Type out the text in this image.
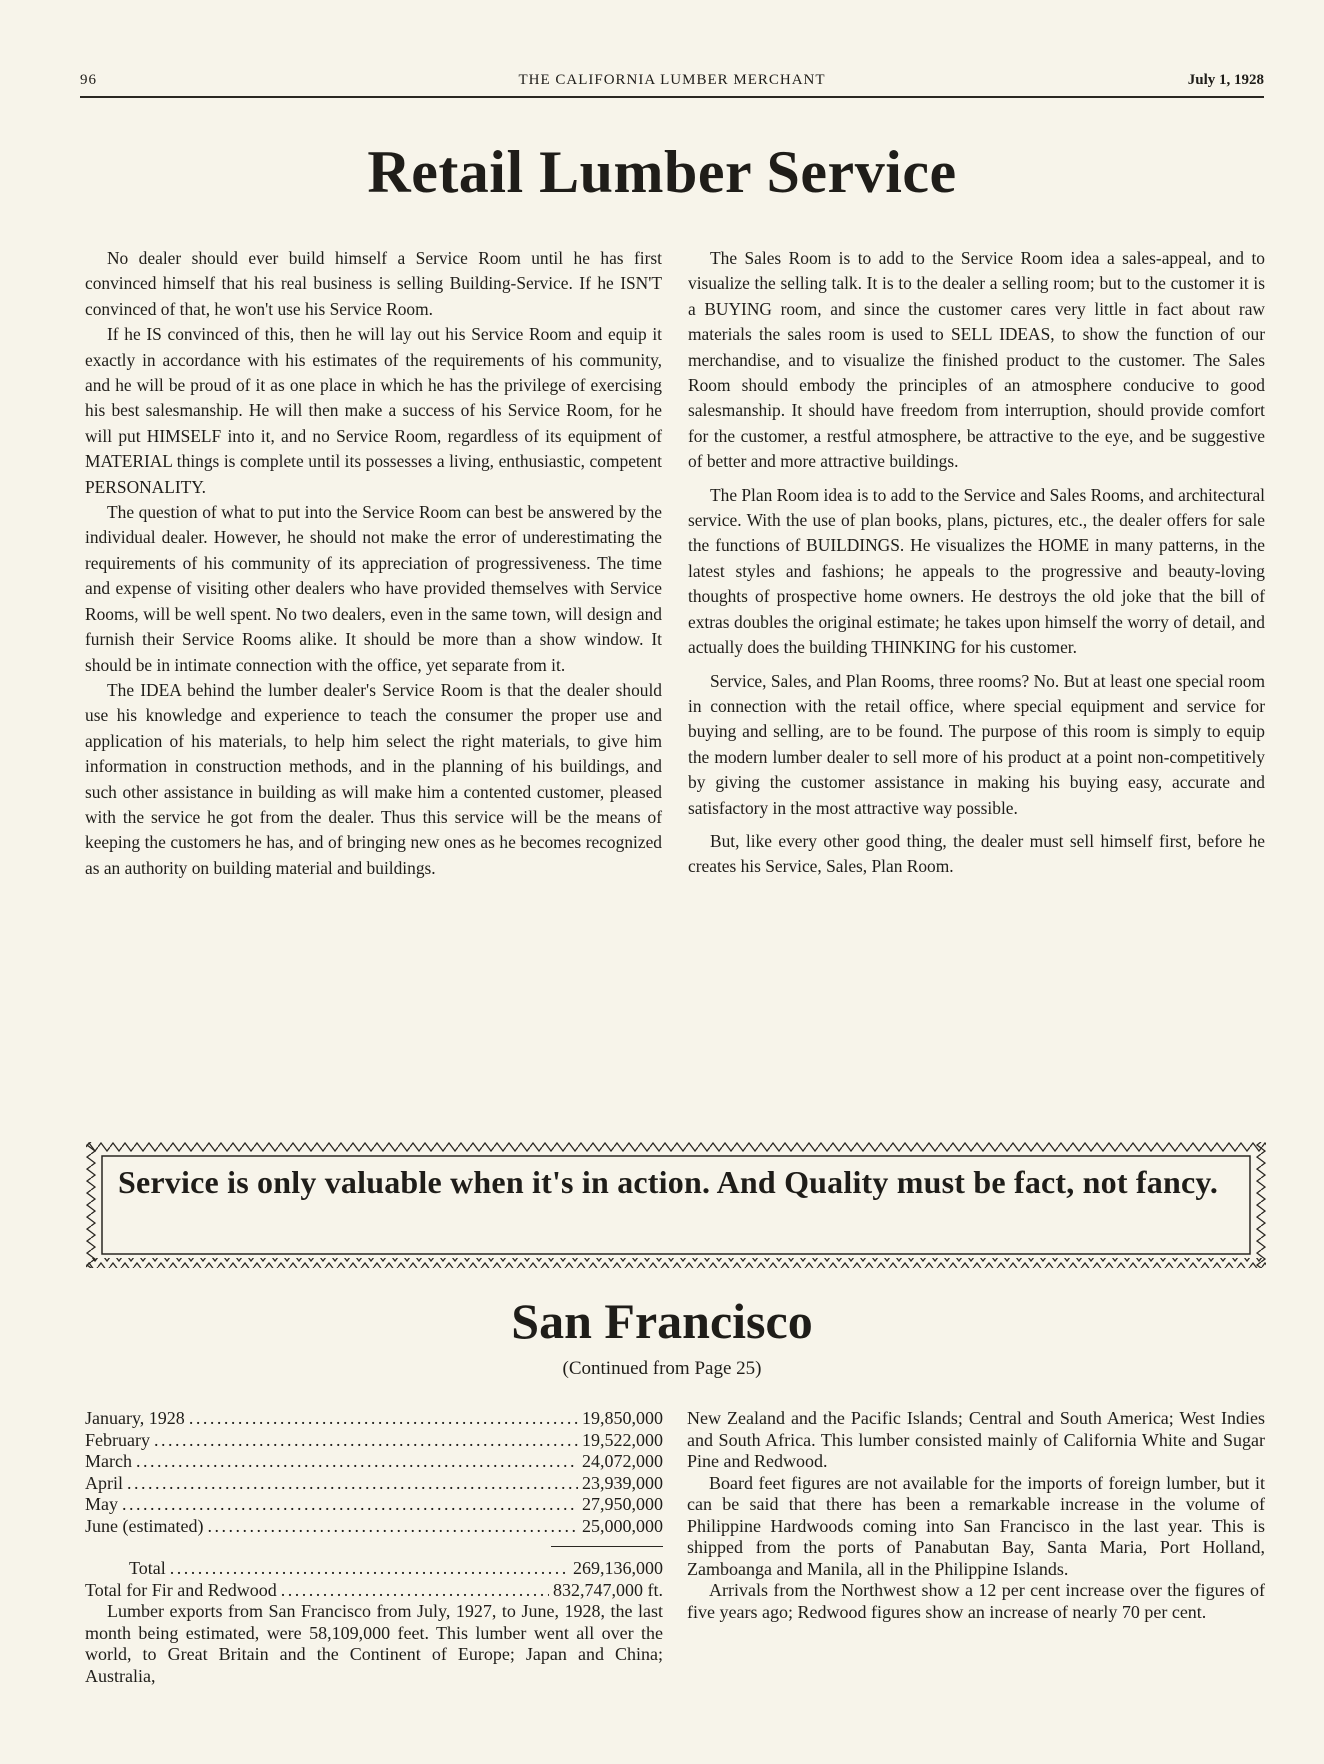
96	THE CALIFORNIA LUMBER MERCHANT	July 1, 1928
Retail Lumber Service

No dealer should ever build himself a Service Room until he has first convinced himself that his real business is selling Building-Service. If he ISN'T convinced of that, he won't use his Service Room.

If he IS convinced of this, then he will lay out his Service Room and equip it exactly in accordance with his estimates of the requirements of his community, and he will be proud of it as one place in which he has the privilege of exercising his best salesmanship. He will then make a success of his Service Room, for he will put HIMSELF into it, and no Service Room, regardless of its equipment of MATERIAL things is complete until its possesses a living, enthusiastic, competent PERSONALITY.

The question of what to put into the Service Room can best be answered by the individual dealer. However, he should not make the error of underestimating the requirements of his community of its appreciation of progressiveness. The time and expense of visiting other dealers who have provided themselves with Service Rooms, will be well spent. No two dealers, even in the same town, will design and furnish their Service Rooms alike. It should be more than a show window. It should be in intimate connection with the office, yet separate from it.

The IDEA behind the lumber dealer's Service Room is that the dealer should use his knowledge and experience to teach the consumer the proper use and application of his materials, to help him select the right materials, to give him information in construction methods, and in the planning of his buildings, and such other assistance in building as will make him a contented customer, pleased with the service he got from the dealer. Thus this service will be the means of keeping the customers he has, and of bringing new ones as he becomes recognized as an authority on building material and buildings.

The Sales Room is to add to the Service Room idea a sales-appeal, and to visualize the selling talk. It is to the dealer a selling room; but to the customer it is a BUYING room, and since the customer cares very little in fact about raw materials the sales room is used to SELL IDEAS, to show the function of our merchandise, and to visualize the finished product to the customer. The Sales Room should embody the principles of an atmosphere conducive to good salesmanship. It should have freedom from interruption, should provide comfort for the customer, a restful atmosphere, be attractive to the eye, and be suggestive of better and more attractive buildings.

The Plan Room idea is to add to the Service and Sales Rooms, and architectural service. With the use of plan books, plans, pictures, etc., the dealer offers for sale the functions of BUILDINGS. He visualizes the HOME in many patterns, in the latest styles and fashions; he appeals to the progressive and beauty-loving thoughts of prospective home owners. He destroys the old joke that the bill of extras doubles the original estimate; he takes upon himself the worry of detail, and actually does the building THINKING for his customer.

Service, Sales, and Plan Rooms, three rooms? No. But at least one special room in connection with the retail office, where special equipment and service for buying and selling, are to be found. The purpose of this room is simply to equip the modern lumber dealer to sell more of his product at a point non-competitively by giving the customer assistance in making his buying easy, accurate and satisfactory in the most attractive way possible.

But, like every other good thing, the dealer must sell himself first, before he creates his Service, Sales, Plan Room.

Service is only valuable when it's in action. And Quality must be fact, not fancy.
San Francisco
(Continued from Page 25)
January, 1928 . . .	19,850,000
February . . .	19,522,000
March . . .	24,072,000
April . . .	23,939,000
May . . .	27,950,000
June (estimated) . . .	25,000,000
Total . . .	269,136,000
Total for Fir and Redwood . . .	832,747,000 ft.

Lumber exports from San Francisco from July, 1927, to June, 1928, the last month being estimated, were 58,109,000 feet. This lumber went all over the world, to Great Britain and the Continent of Europe; Japan and China; Australia,

New Zealand and the Pacific Islands; Central and South America; West Indies and South Africa. This lumber consisted mainly of California White and Sugar Pine and Redwood.

Board feet figures are not available for the imports of foreign lumber, but it can be said that there has been a remarkable increase in the volume of Philippine Hardwoods coming into San Francisco in the last year. This is shipped from the ports of Panabutan Bay, Santa Maria, Port Holland, Zamboanga and Manila, all in the Philippine Islands.

Arrivals from the Northwest show a 12 per cent increase over the figures of five years ago; Redwood figures show an increase of nearly 70 per cent.
